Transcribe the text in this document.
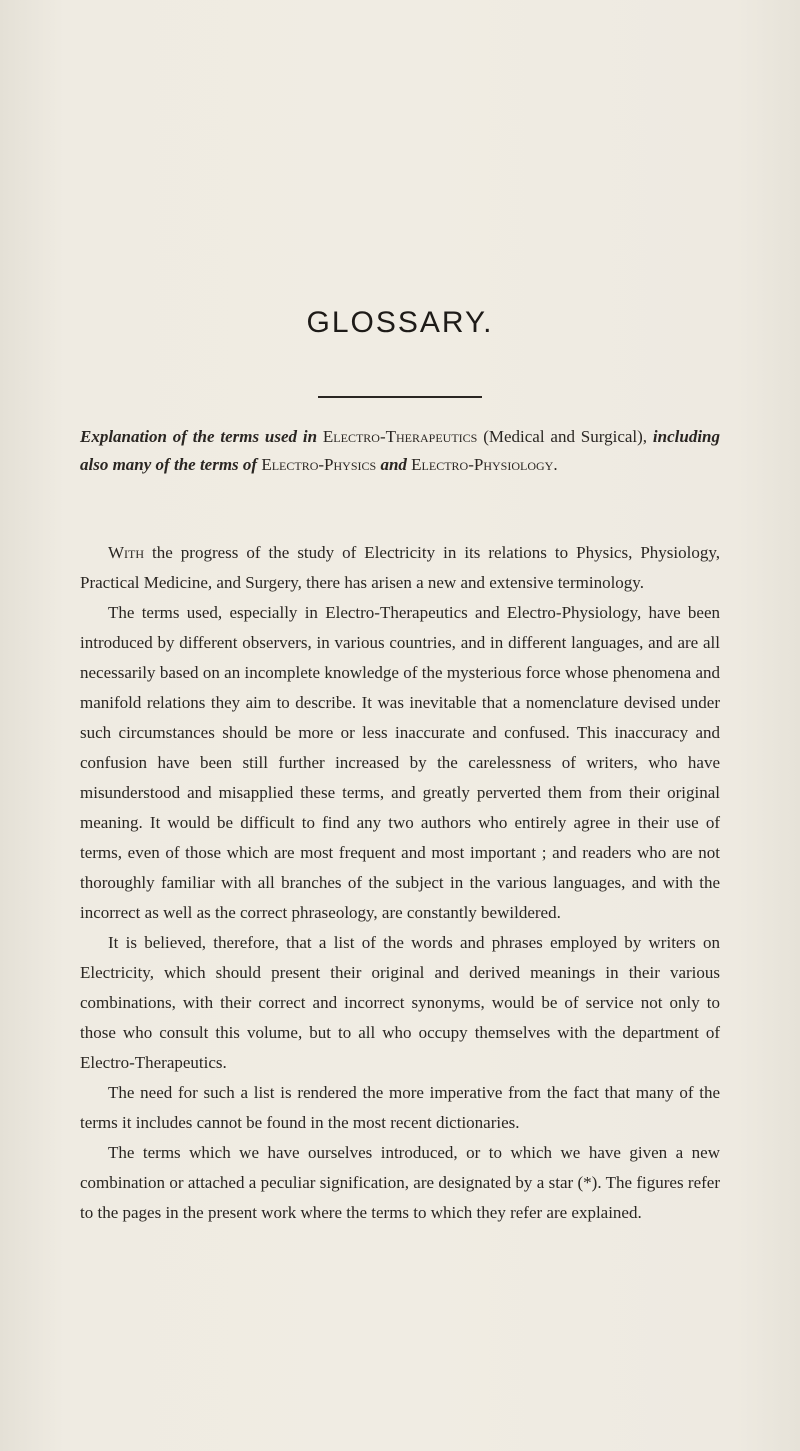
GLOSSARY.

Explanation of the terms used in Electro-Therapeutics (Medical and Surgical), including also many of the terms of Electro-Physics and Electro-Physiology.

With the progress of the study of Electricity in its relations to Physics, Physiology, Practical Medicine, and Surgery, there has arisen a new and extensive terminology.

The terms used, especially in Electro-Therapeutics and Electro-Physiology, have been introduced by different observers, in various countries, and in different languages, and are all necessarily based on an incomplete knowledge of the mysterious force whose phenomena and manifold relations they aim to describe. It was inevitable that a nomenclature devised under such circumstances should be more or less inaccurate and confused. This inaccuracy and confusion have been still further increased by the carelessness of writers, who have misunderstood and misapplied these terms, and greatly perverted them from their original meaning. It would be difficult to find any two authors who entirely agree in their use of terms, even of those which are most frequent and most important ; and readers who are not thoroughly familiar with all branches of the subject in the various languages, and with the incorrect as well as the correct phraseology, are constantly bewildered.

It is believed, therefore, that a list of the words and phrases employed by writers on Electricity, which should present their original and derived meanings in their various combinations, with their correct and incorrect synonyms, would be of service not only to those who consult this volume, but to all who occupy themselves with the department of Electro-Therapeutics.

The need for such a list is rendered the more imperative from the fact that many of the terms it includes cannot be found in the most recent dictionaries.

The terms which we have ourselves introduced, or to which we have given a new combination or attached a peculiar signification, are designated by a star (*). The figures refer to the pages in the present work where the terms to which they refer are explained.
